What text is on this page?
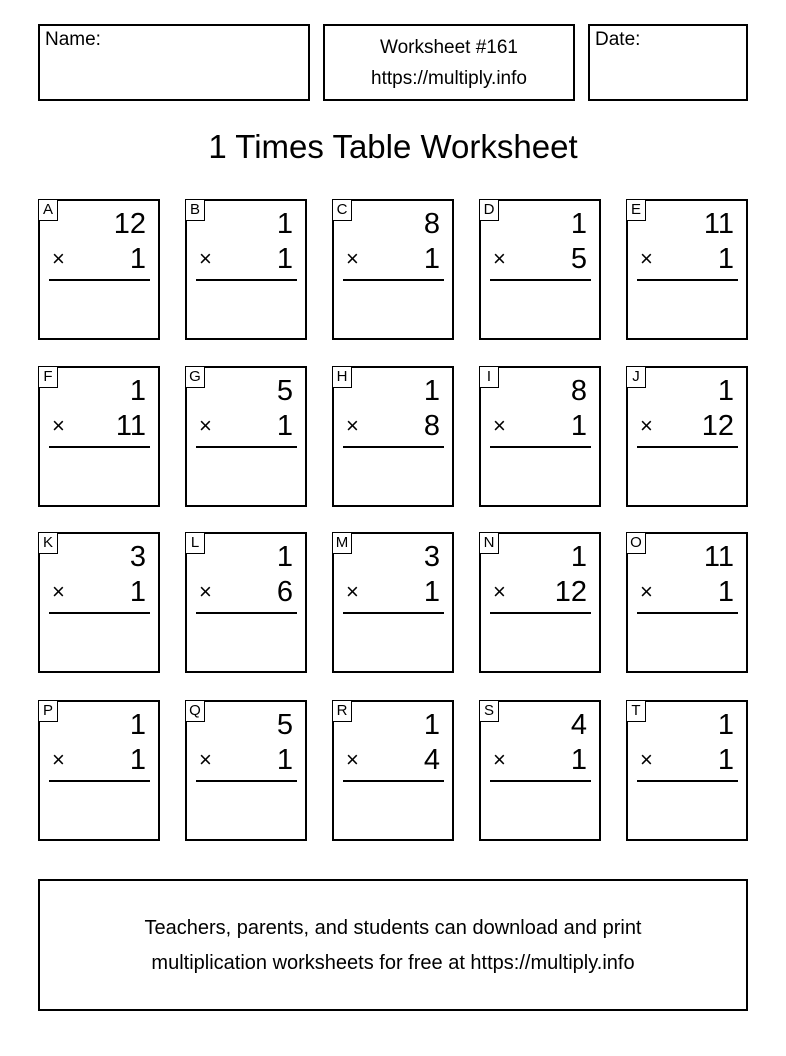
Name:	Worksheet #161
https://multiply.info
Date:
1 Times Table Worksheet
A 12
× 1
B	1
× 1
C	8
× 1
D	1
× 5
E 11
× 1
F	1
× 11
G	5
× 1
H	1
× 8
I	8
× 1
J	1
× 12
K	3
× 1
L	1
× 6
M	3
× 1
N	1
× 12
O 11
× 1
P	1
× 1
Q	5
× 1
R	1
× 4
S	4
× 1
T	1
× 1
Teachers, parents, and students can download and print
multiplication worksheets for free at https://multiply.info
